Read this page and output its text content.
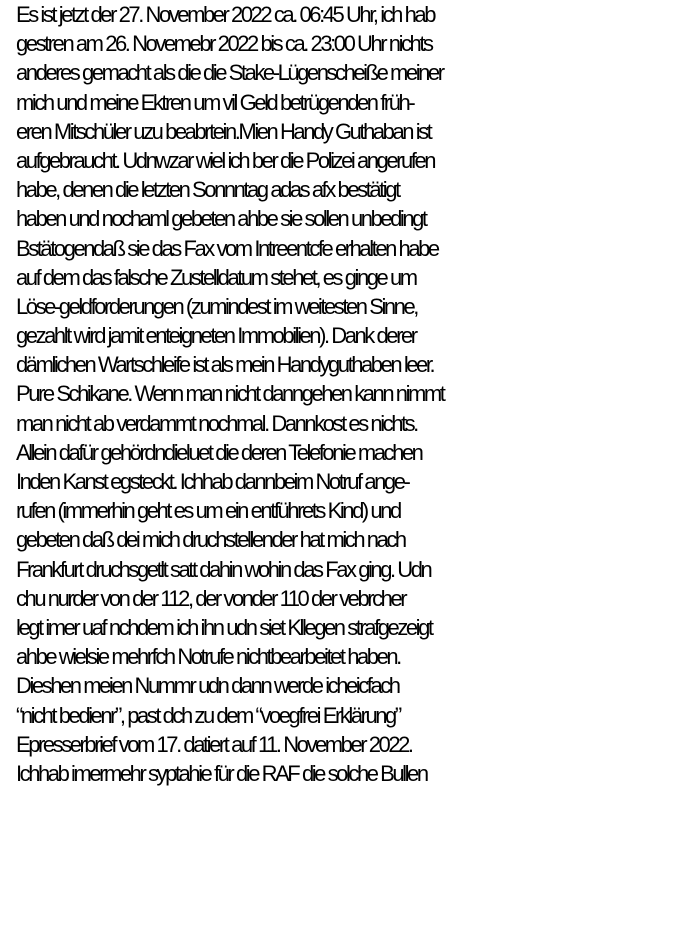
Es ist jetzt der 27. November 2022 ca. 06:45 Uhr, ich hab
gestren am 26. Novemebr 2022 bis ca. 23:00 Uhr nichts
anderes gemacht als die die Stake-Lügenscheiße meiner
mich und meine Ektren um vil Geld betrügenden früh-
eren Mitschüler uzu beabrtein.Mien Handy Guthaban ist
aufgebraucht. Udnwzar wiel ich ber die Polizei angerufen
habe, denen die letzten Sonnntag adas afx bestätigt
haben und nochaml gebeten ahbe sie sollen unbedingt
Bstätogendaß sie das Fax vom Intreentcfe erhalten habe
auf dem das falsche Zustelldatum stehet, es ginge um
Löse-geldforderungen (zumindest im weitesten Sinne,
gezahlt wird jamit enteigneten Immobilien). Dank derer
dämlichen Wartschleife ist als mein Handyguthaben leer.
Pure Schikane. Wenn man nicht danngehen kann nimmt
man nicht ab verdammt nochmal. Dannkost es nichts.
Allein dafür gehördndieluet die deren Telefonie machen
Inden Kanst egsteckt. Ichhab dannbeim Notruf ange-
rufen (immerhin geht es um ein entführets Kind) und
gebeten daß dei mich druchstellender hat mich nach
Frankfurt druchsgetlt satt dahin wohin das Fax ging. Udn
chu nurder von der 112, der vonder 110 der vebrcher
legt imer uaf nchdem ich ihn udn siet Kllegen strafgezeigt
ahbe wielsie mehrfch Notrufe nichtbearbeitet haben.
Dieshen meien Nummr udn dann werde icheicfach
“nicht bedienr”, past dch zu dem “voegfrei Erklärung”
Epresserbrief vom 17. datiert auf 11. November 2022.
Ichhab imermehr syptahie für die RAF die solche Bullen
